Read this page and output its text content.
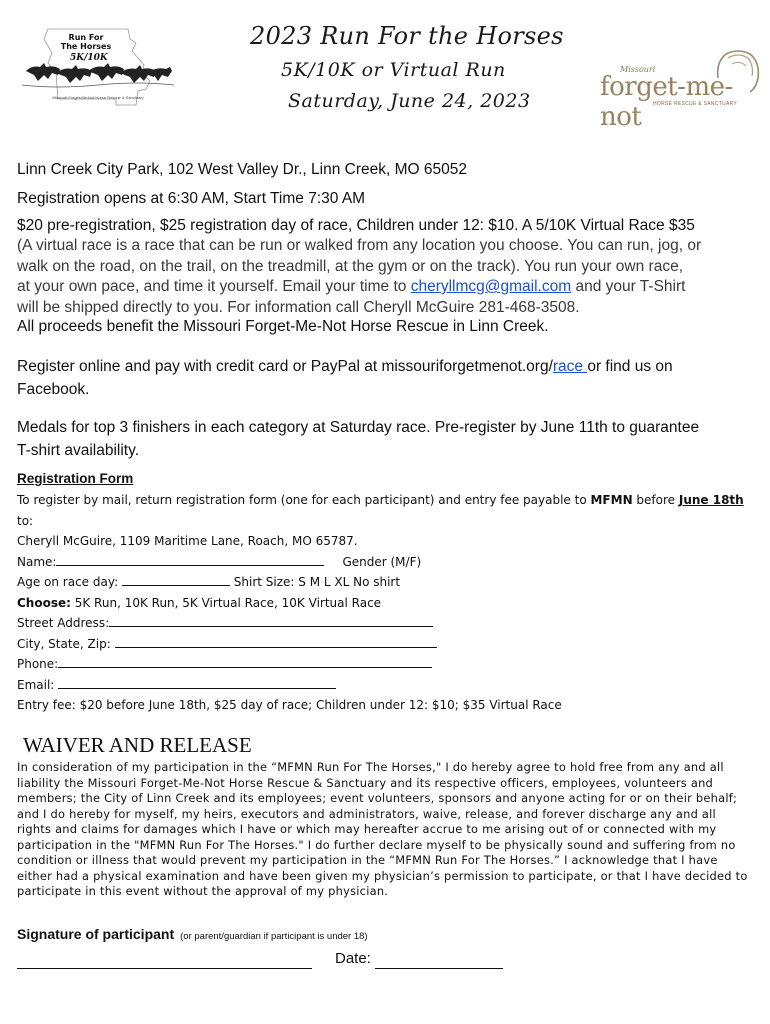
Run For
The Horses
5K/10K
Missouri Forget-Me-Not Horse Rescue & Sanctuary
2023 Run For the Horses
5K/10K or Virtual Run
Saturday, June 24, 2023
Missouri
forget-me-not	HORSE RESCUE & SANCTUARY
Linn Creek City Park, 102 West Valley Dr., Linn Creek, MO 65052
Registration opens at 6:30 AM, Start Time 7:30 AM
$20 pre-registration, $25 registration day of race, Children under 12: $10. A 5/10K Virtual Race $35
(A virtual race is a race that can be run or walked from any location you choose. You can run, jog, or
walk on the road, on the trail, on the treadmill, at the gym or on the track). You run your own race,
at your own pace, and time it yourself. Email your time to cheryllmcg@gmail.com and your T-Shirt
will be shipped directly to you. For information call Cheryll McGuire 281-468-3508.
All proceeds benefit the Missouri Forget-Me-Not Horse Rescue in Linn Creek.
Register online and pay with credit card or PayPal at missouriforgetmenot.org/race or find us on
Facebook.
Medals for top 3 finishers in each category at Saturday race. Pre-register by June 11th to guarantee
T-shirt availability.
Registration Form
To register by mail, return registration form (one for each participant) and entry fee payable to MFMN before June 18th to:
Cheryll McGuire, 1109 Maritime Lane, Roach, MO 65787.
Name:	Gender (M/F)
Age on race day:	Shirt Size: S M L XL No shirt
Choose: 5K Run, 10K Run, 5K Virtual Race, 10K Virtual Race
Street Address:
City, State, Zip:
Phone:
Email:
Entry fee: $20 before June 18th, $25 day of race; Children under 12: $10; $35 Virtual Race
WAIVER AND RELEASE
In consideration of my participation in the “MFMN Run For The Horses," I do hereby agree to hold free from any and all liability the Missouri Forget-Me-Not Horse Rescue & Sanctuary and its respective officers, employees, volunteers and members; the City of Linn Creek and its employees; event volunteers, sponsors and anyone acting for or on their behalf; and I do hereby for myself, my heirs, executors and administrators, waive, release, and forever discharge any and all rights and claims for damages which I have or which may hereafter accrue to me arising out of or connected with my participation in the "MFMN Run For The Horses." I do further declare myself to be physically sound and suffering from no condition or illness that would prevent my participation in the “MFMN Run For The Horses.” I acknowledge that I have either had a physical examination and have been given my physician’s permission to participate, or that I have decided to participate in this event without the approval of my physician.
Signature of participant (or parent/guardian if participant is under 18)
Date:
